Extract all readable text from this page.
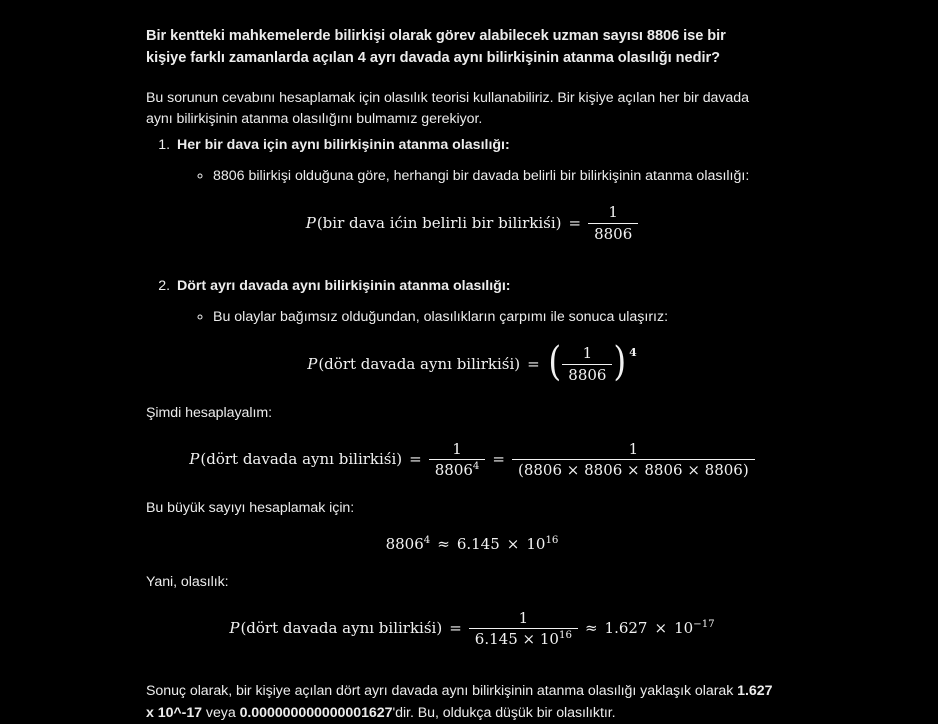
Bir kentteki mahkemelerde bilirkişi olarak görev alabilecek uzman sayısı 8806 ise bir kişiye farklı zamanlarda açılan 4 ayrı davada aynı bilirkişinin atanma olasılığı nedir?

Bu sorunun cevabını hesaplamak için olasılık teorisi kullanabiliriz. Bir kişiye açılan her bir davada aynı bilirkişinin atanma olasılığını bulmamız gerekiyor.

1. Her bir dava için aynı bilirkişinin atanma olasılığı:
◦ 8806 bilirkişi olduğuna göre, herhangi bir davada belirli bir bilirkişinin atanma olasılığı:
P(bir dava ićin belirli bir bilirkiśi) = $\frac{1}{8806}$
2. Dört ayrı davada aynı bilirkişinin atanma olasılığı:
◦ Bu olaylar bağımsız olduğundan, olasılıkların çarpımı ile sonuca ulaşırız:
P(dört davada aynı bilirkiśi) = ( $\frac{1}{8806}$ ) 4

Şimdi hesaplayalım:

P(dört davada aynı bilirkiśi) = $\frac{1}{8806^4} = \frac{1}{(8806 \times 8806 \times 8806 \times 8806)}$

Bu büyük sayıyı hesaplamak için:

$8806^4 \approx 6.145 \times 10^{16}$

Yani, olasılık:

P(dört davada aynı bilirkiśi) = $\frac{1}{6.145 \times 10^{16}} \approx 1.627 \times 10^{-17}$

Sonuç olarak, bir kişiye açılan dört ayrı davada aynı bilirkişinin atanma olasılığı yaklaşık olarak 1.627 x 10^-17 veya 0.000000000000001627'dir. Bu, oldukça düşük bir olasılıktır.
